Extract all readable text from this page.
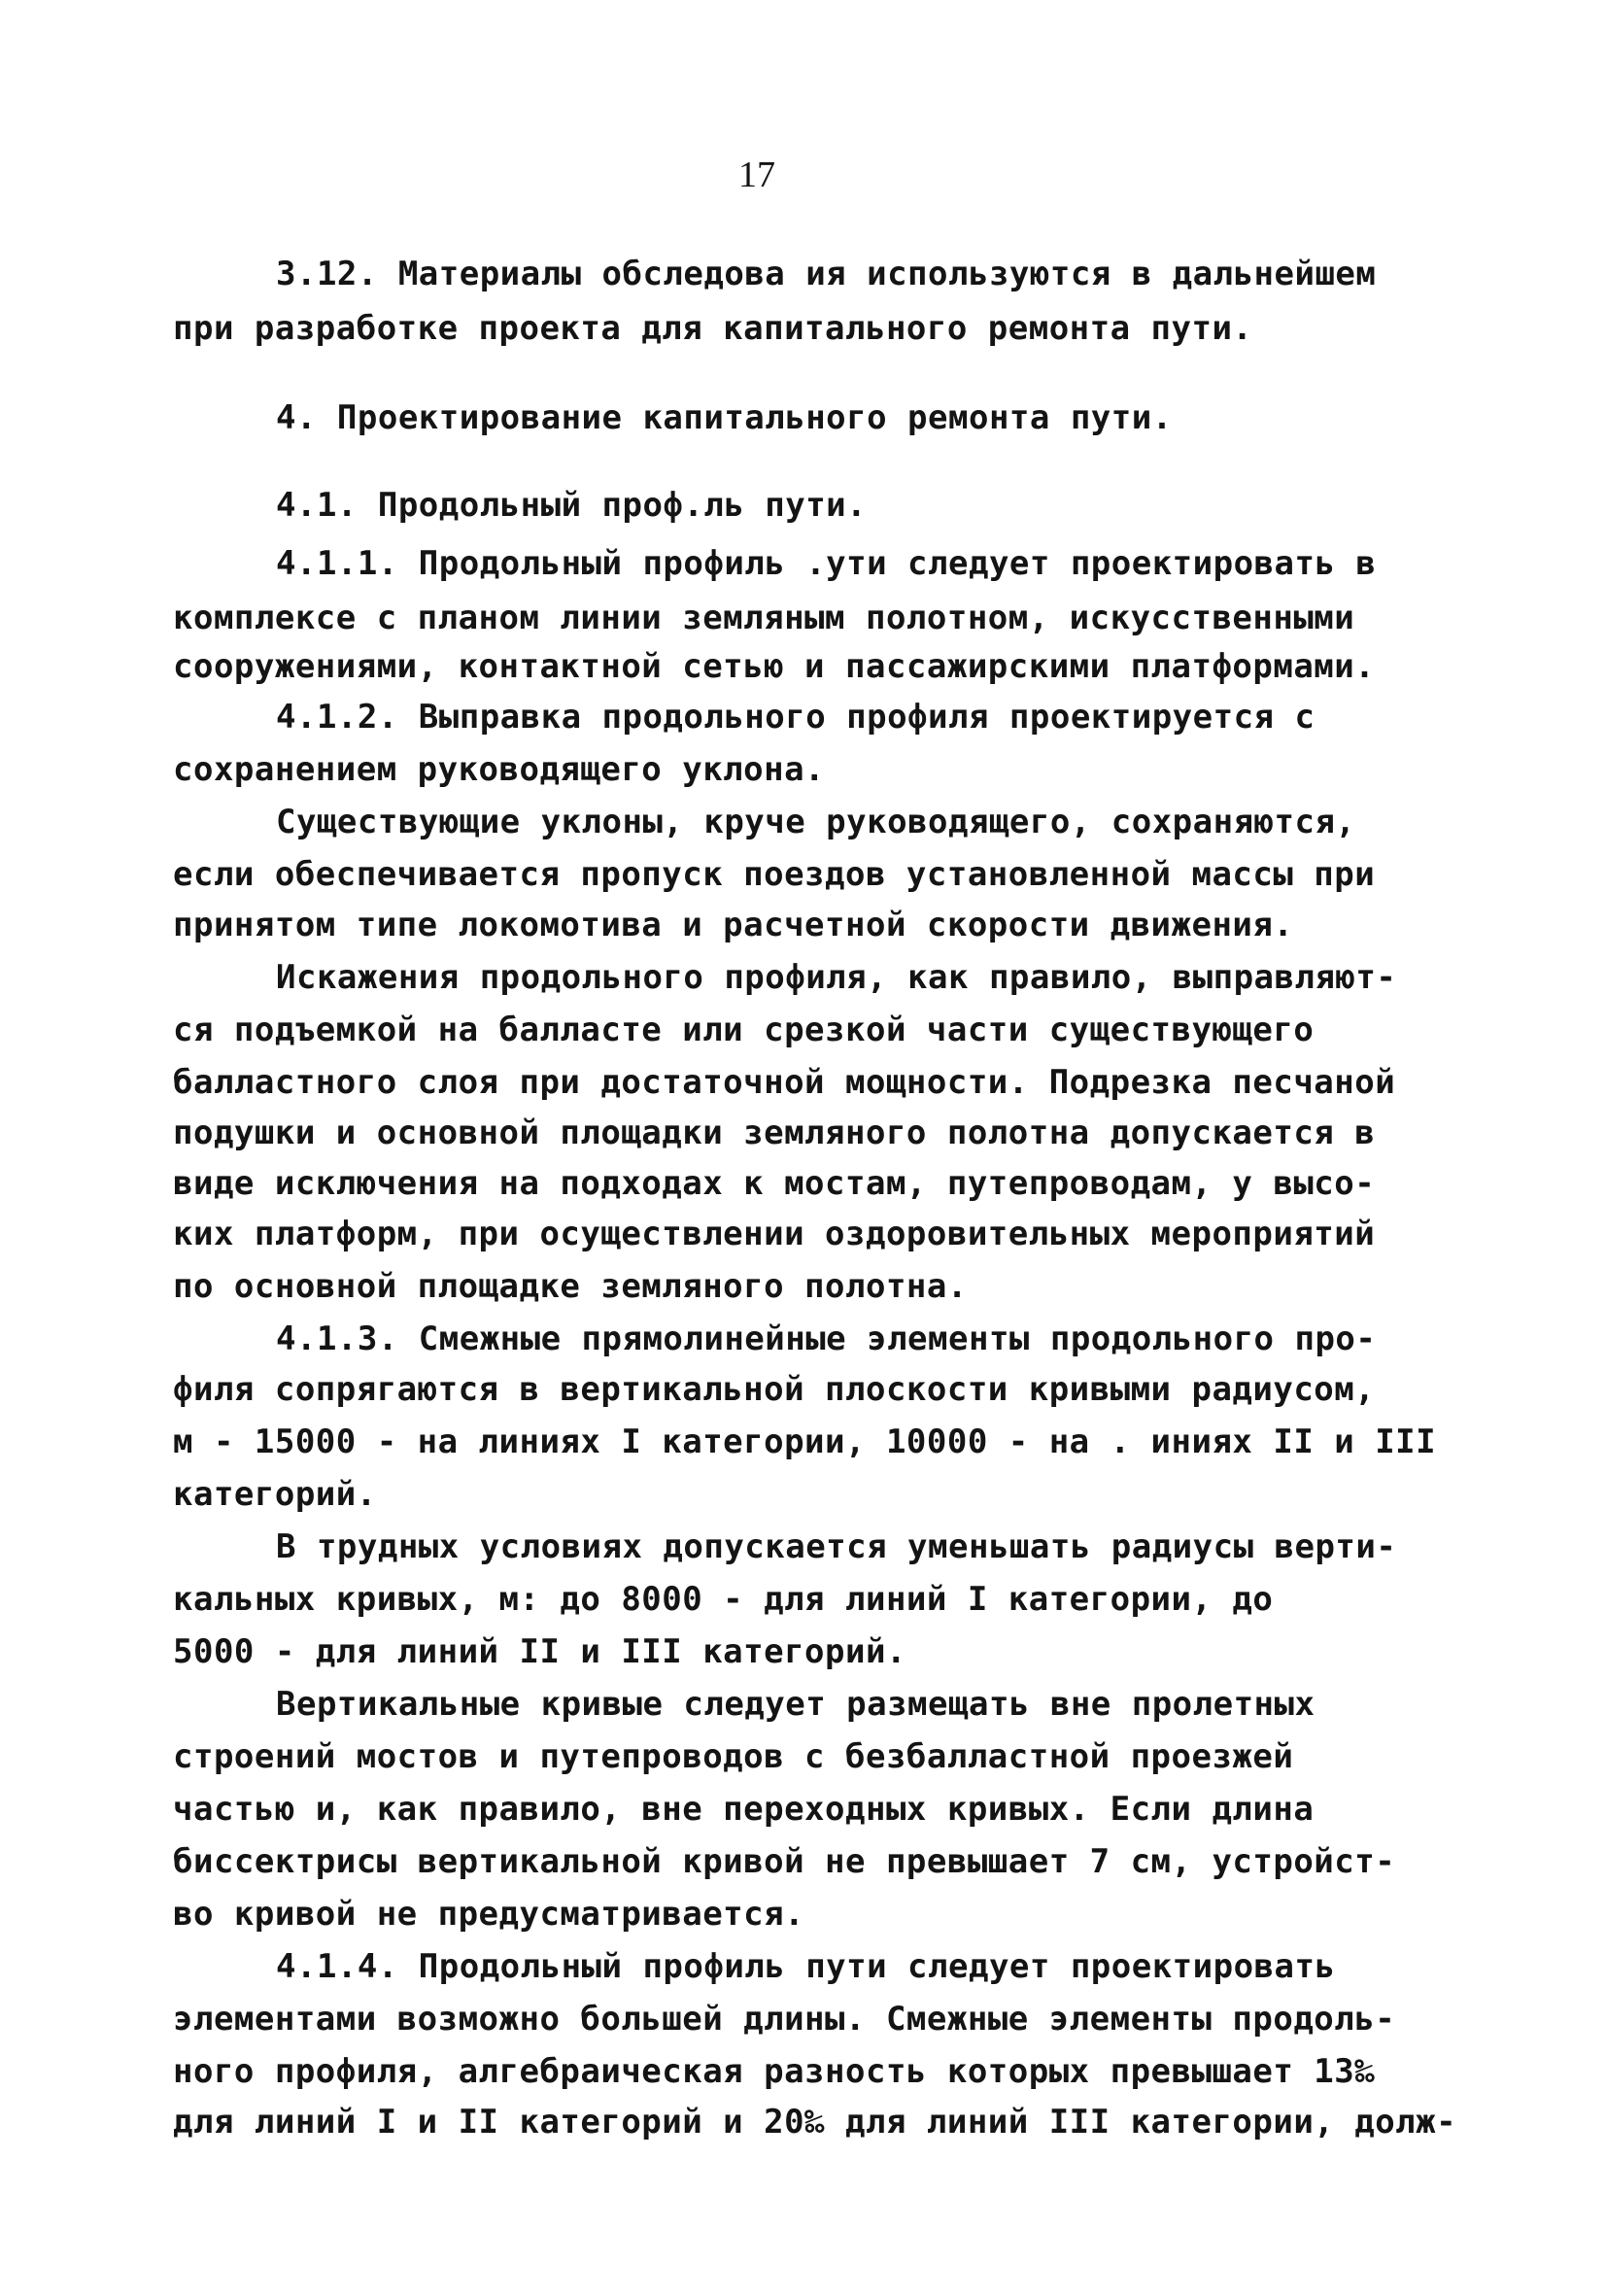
17
3.12. Материалы обследова ия используются в дальнейшем
при разработке проекта для капитального ремонта пути.
4. Проектирование капитального ремонта пути.
4.1. Продольный проф.ль пути.
4.1.1. Продольный профиль .ути следует проектировать в
комплексе с планом линии земляным полотном, искусственными
сооружениями, контактной сетью и пассажирскими платформами.
4.1.2. Выправка продольного профиля проектируется с
сохранением руководящего уклона.
Существующие уклоны, круче руководящего, сохраняются,
если обеспечивается пропуск поездов установленной массы при
принятом типе локомотива и расчетной скорости движения.
Искажения продольного профиля, как правило, выправляют-
ся подъемкой на балласте или срезкой части существующего
балластного слоя при достаточной мощности. Подрезка песчаной
подушки и основной площадки земляного полотна допускается в
виде исключения на подходах к мостам, путепроводам, у высо-
ких платформ, при осуществлении оздоровительных мероприятий
по основной площадке земляного полотна.
4.1.3. Смежные прямолинейные элементы продольного про-
филя сопрягаются в вертикальной плоскости кривыми радиусом,
м - 15000 - на линиях I категории, 10000 - на . иниях II и III
категорий.
В трудных условиях допускается уменьшать радиусы верти-
кальных кривых, м: до 8000 - для линий I категории, до
5000 - для линий II и III категорий.
Вертикальные кривые следует размещать вне пролетных
строений мостов и путепроводов с безбалластной проезжей
частью и, как правило, вне переходных кривых. Если длина
биссектрисы вертикальной кривой не превышает 7 см, устройст-
во кривой не предусматривается.
4.1.4. Продольный профиль пути следует проектировать
элементами возможно большей длины. Смежные элементы продоль-
ного профиля, алгебраическая разность которых превышает 13‰
для линий I и II категорий и 20‰ для линий III категории, долж-
